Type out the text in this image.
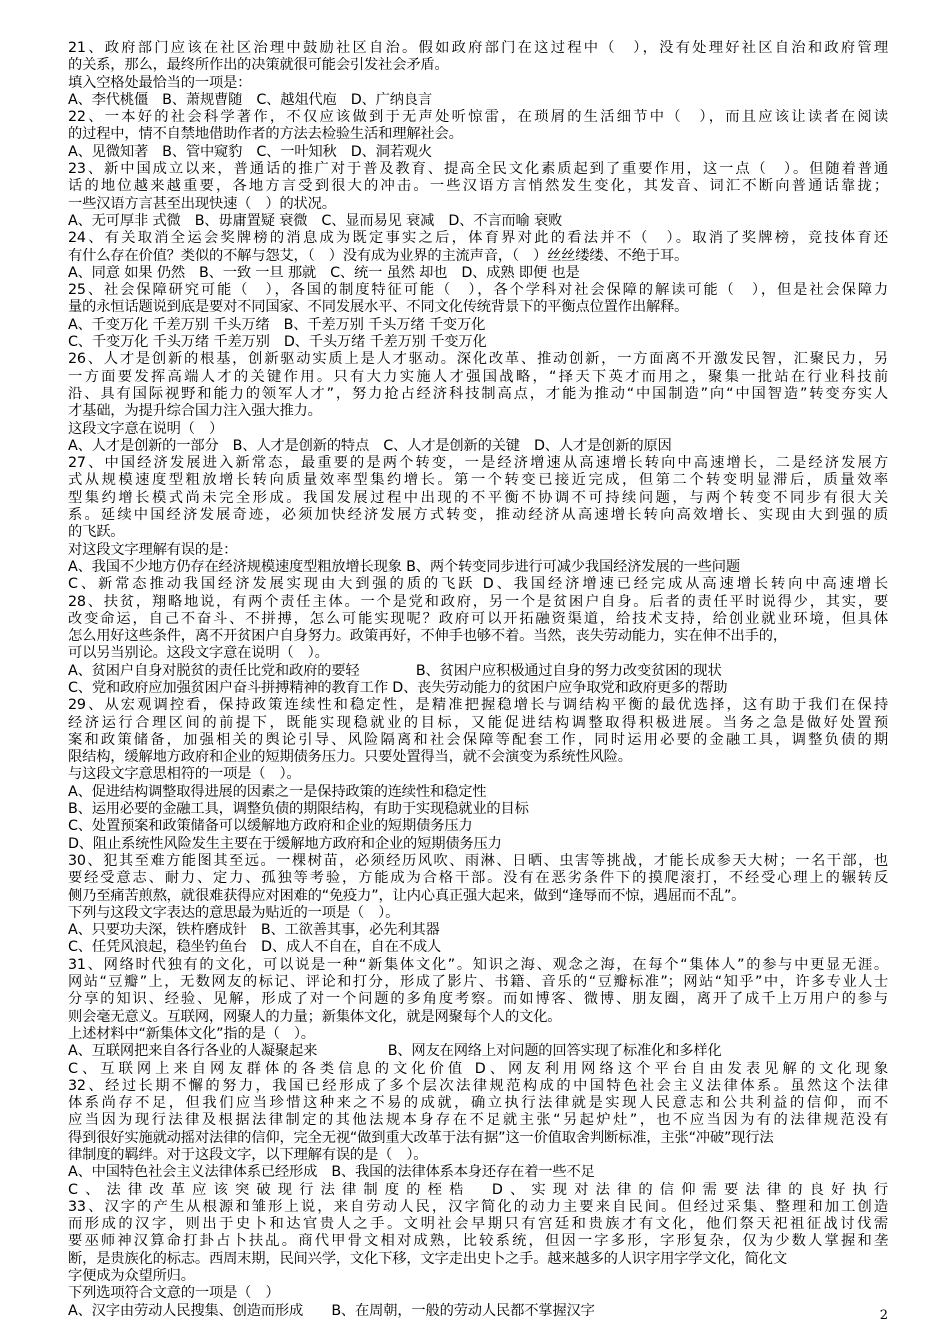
21、政府部门应该在社区治理中鼓励社区自治。假如政府部门在这过程中（　），没有处理好社区自治和政府管理
的关系，那么，最终所作出的决策就很可能会引发社会矛盾。
填入空格处最恰当的一项是：
A、李代桃僵　B、萧规曹随　C、越俎代庖　D、广纳良言
22、一本好的社会科学著作，不仅应该做到于无声处听惊雷，在琐屑的生活细节中（　），而且应该让读者在阅读
的过程中，情不自禁地借助作者的方法去检验生活和理解社会。
A、见微知著　B、管中窥豹　C、一叶知秋　D、洞若观火
23、新中国成立以来，普通话的推广对于普及教育、提高全民文化素质起到了重要作用，这一点（　）。但随着普通
话的地位越来越重要，各地方言受到很大的冲击。一些汉语方言悄然发生变化，其发音、词汇不断向普通话靠拢；
一些汉语方言甚至出现快速（　）的状况。
A、无可厚非 式微　B、毋庸置疑 衰微　C、显而易见 衰减　D、不言而喻 衰败
24、有关取消全运会奖牌榜的消息成为既定事实之后，体育界对此的看法并不（　）。取消了奖牌榜，竞技体育还
有什么存在价值？类似的不解与怨艾，（　）没有成为业界的主流声音，（　）丝丝缕缕、不绝于耳。
A、同意 如果 仍然　B、一致 一旦 那就　C、统一 虽然 却也　D、成熟 即便 也是
25、社会保障研究可能（　），各国的制度特征可能（　），各个学科对社会保障的解读可能（　），但是社会保障力
量的永恒话题说到底是要对不同国家、不同发展水平、不同文化传统背景下的平衡点位置作出解释。
A、千变万化 千差万别 千头万绪　B、千差万别 千头万绪 千变万化
C、千变万化 千头万绪 千差万别　D、千头万绪 千差万别 千变万化
26、人才是创新的根基，创新驱动实质上是人才驱动。深化改革、推动创新，一方面离不开激发民智，汇聚民力，另
一方面要发挥高端人才的关键作用。只有大力实施人才强国战略，“择天下英才而用之，聚集一批站在行业科技前
沿、具有国际视野和能力的领军人才”，努力抢占经济科技制高点，才能为推动“中国制造”向“中国智造”转变夯实人
才基础，为提升综合国力注入强大推力。
这段文字意在说明（　）
A、人才是创新的一部分　B、人才是创新的特点　C、人才是创新的关键　D、人才是创新的原因
27、中国经济发展进入新常态，最重要的是两个转变，一是经济增速从高速增长转向中高速增长，二是经济发展方
式从规模速度型粗放增长转向质量效率型集约增长。第一个转变已接近完成，但第二个转变明显滞后，质量效率
型集约增长模式尚未完全形成。我国发展过程中出现的不平衡不协调不可持续问题，与两个转变不同步有很大关
系。延续中国经济发展奇迹，必须加快经济发展方式转变，推动经济从高速增长转向高效增长、实现由大到强的质
的飞跃。
对这段文字理解有误的是：
A、我国不少地方仍存在经济规模速度型粗放增长现象 B、两个转变同步进行可减少我国经济发展的一些问题
C、新常态推动我国经济发展实现由大到强的质的飞跃 D、我国经济增速已经完成从高速增长转向中高速增长
28、扶贫，翔略地说，有两个责任主体。一个是党和政府，另一个是贫困户自身。后者的责任平时说得少，其实，要
改变命运，自己不奋斗、不拼搏，怎么可能实现呢？政府可以开拓融资渠道，给技术支持，给创业就业环境，但具体
怎么用好这些条件，离不开贫困户自身努力。政策再好，不伸手也够不着。当然，丧失劳动能力，实在伸不出手的，
可以另当别论。这段文字意在说明（　）。
A、贫困户自身对脱贫的责任比党和政府的要轻　　　　B、贫困户应积极通过自身的努力改变贫困的现状
C、党和政府应加强贫困户奋斗拼搏精神的教育工作 D、丧失劳动能力的贫困户应争取党和政府更多的帮助
29、从宏观调控看，保持政策连续性和稳定性，是精准把握稳增长与调结构平衡的最优选择，这有助于我们在保持
经济运行合理区间的前提下，既能实现稳就业的目标，又能促进结构调整取得积极进展。当务之急是做好处置预
案和政策储备，加强相关的舆论引导、风险隔离和社会保障等配套工作，同时运用必要的金融工具，调整负债的期
限结构，缓解地方政府和企业的短期债务压力。只要处置得当，就不会演变为系统性风险。
与这段文字意思相符的一项是（　）。
A、促进结构调整取得进展的因素之一是保持政策的连续性和稳定性
B、运用必要的金融工具，调整负债的期限结构，有助于实现稳就业的目标
C、处置预案和政策储备可以缓解地方政府和企业的短期债务压力
D、阻止系统性风险发生主要在于缓解地方政府和企业的短期债务压力
30、犯其至难方能图其至远。一棵树苗，必须经历风吹、雨淋、日晒、虫害等挑战，才能长成参天大树；一名干部，也
要经受意志、耐力、定力、孤独等考验，方能成为合格干部。没有在恶劣条件下的摸爬滚打，不经受心理上的辗转反
侧乃至痛苦煎熬，就很难获得应对困难的“免疫力”，让内心真正强大起来，做到“逢辱而不惊，遇屈而不乱”。
下列与这段文字表达的意思最为贴近的一项是（　）。
A、只要功夫深，铁杵磨成针　B、工欲善其事，必先利其器
C、任凭风浪起，稳坐钓鱼台　D、成人不自在，自在不成人
31、网络时代独有的文化，可以说是一种“新集体文化”。知识之海、观念之海，在每个“集体人”的参与中更显无涯。
网站“豆瓣”上，无数网友的标记、评论和打分，形成了影片、书籍、音乐的“豆瓣标准”；网站“知乎”中，许多专业人士
分享的知识、经验、见解，形成了对一个问题的多角度考察。而如博客、微博、朋友圈，离开了成千上万用户的参与
则会毫无意义。互联网，网聚人的力量；新集体文化，就是网聚每个人的文化。
上述材料中“新集体文化”指的是（　）。
A、互联网把来自各行各业的人凝聚起来　　　　　B、网友在网络上对问题的回答实现了标准化和多样化
C、互联网上来自网友群体的各类信息的文化价值 D、网友利用网络这个平台自由发表见解的文化现象
32、经过长期不懈的努力，我国已经形成了多个层次法律规范构成的中国特色社会主义法律体系。虽然这个法律
体系尚存不足，但我们应当珍惜这种来之不易的成就，确立执行法律就是实现人民意志和公共利益的信仰，而不
应当因为现行法律及根据法律制定的其他法规本身存在不足就主张“另起炉灶”，也不应当因为有的法律规范没有
得到很好实施就动摇对法律的信仰，完全无视“做到重大改革于法有据”这一价值取舍判断标准，主张“冲破”现行法
律制度的羁绊。对于这段文字，以下理解有误的是（　）。
A、中国特色社会主义法律体系已经形成　B、我国的法律体系本身还存在着一些不足
C、法律改革应该突破现行法律制度的桎梏　D、实现对法律的信仰需要法律的良好执行
33、汉字的产生从根源和雏形上说，来自劳动人民，汉字简化的动力主要来自民间。但经过采集、整理和加工创造
而形成的汉字，则出于史卜和达官贵人之手。文明社会早期只有宫廷和贵族才有文化，他们祭天祀祖征战讨伐需
要巫师神汉算命打卦占卜扶乩。商代甲骨文相对成熟，比较系统，但因一字多形，字形复杂，仅为少数人掌握和垄
断，是贵族化的标志。西周末期，民间兴学，文化下移，文字走出史卜之手。越来越多的人识字用字学文化，简化文
字便成为众望所归。
下列选项符合文意的一项是（　）
A、汉字由劳动人民搜集、创造而形成　　B、在周朝，一般的劳动人民都不掌握汉字	2
